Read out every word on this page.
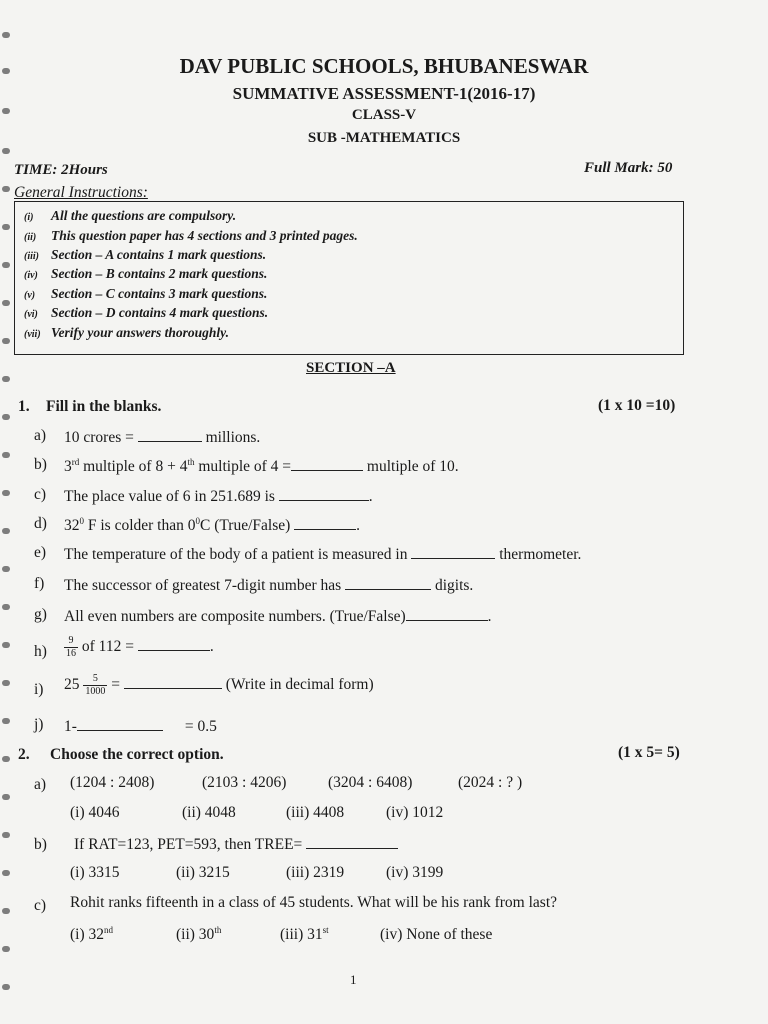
DAV PUBLIC SCHOOLS, BHUBANESWAR
SUMMATIVE ASSESSMENT-1(2016-17)
CLASS-V
SUB -MATHEMATICS
TIME: 2Hours	Full Mark: 50
General Instructions:
(i) All the questions are compulsory.
(ii) This question paper has 4 sections and 3 printed pages.
(iii) Section – A contains 1 mark questions.
(iv) Section – B contains 2 mark questions.
(v) Section – C contains 3 mark questions.
(vi) Section – D contains 4 mark questions.
(vii) Verify your answers thoroughly.
SECTION –A
1. Fill in the blanks.	(1 x 10 =10)
a) 10 crores =	millions.
b) 3rd multiple of 8 + 4th multiple of 4 =	multiple of 10.
c) The place value of 6 in 251.689 is	.
d) $32^0$ F is colder than $0^0C$ (True/False)	.
e) The temperature of the body of a patient is measured in	thermometer.
f) The successor of greatest 7-digit number has	digits.
g) All even numbers are composite numbers. (True/False)	.
$h) \frac{9}{16}$ of 112 =	.
i) $25 \frac{5}{1000}$ =	(Write in decimal form)
j) 1-	= 0.5
2. Choose the correct option.	(1 x 5= 5)
a) (1204 : 2408)	(2103 : 4206)	(3204 : 6408)	(2024 : ? )
(i) 4046	(ii) 4048	(iii) 4408	(iv) 1012
b) If RAT=123, PET=593, then TREE=
(i) 3315	(ii) 3215	(iii) 2319	(iv) 3199
c) Rohit ranks fifteenth in a class of 45 students. What will be his rank from last?
(i) 32nd	(ii) 30th	(iii) 31st	(iv) None of these
1
